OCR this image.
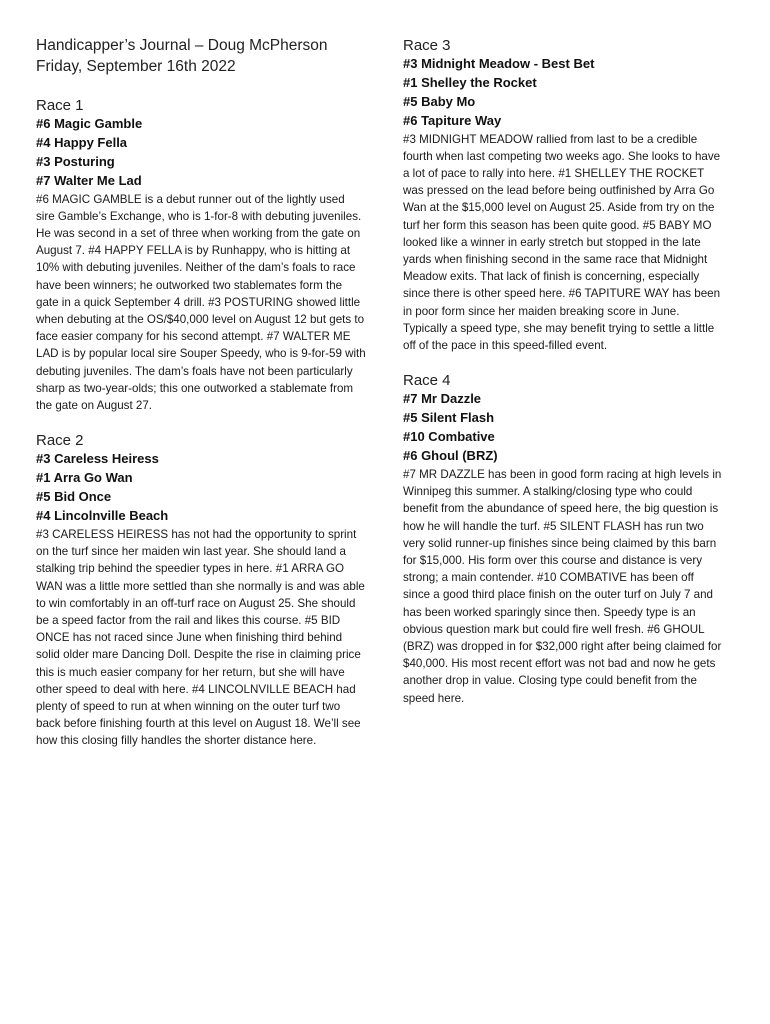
Handicapper’s Journal – Doug McPherson
Friday, September 16th 2022
Race 1
#6 Magic Gamble
#4 Happy Fella
#3 Posturing
#7 Walter Me Lad
#6 MAGIC GAMBLE is a debut runner out of the lightly used sire Gamble’s Exchange, who is 1-for-8 with debuting juveniles. He was second in a set of three when working from the gate on August 7. #4 HAPPY FELLA is by Runhappy, who is hitting at 10% with debuting juveniles. Neither of the dam’s foals to race have been winners; he outworked two stablemates form the gate in a quick September 4 drill. #3 POSTURING showed little when debuting at the OS/$40,000 level on August 12 but gets to face easier company for his second attempt. #7 WALTER ME LAD is by popular local sire Souper Speedy, who is 9-for-59 with debuting juveniles. The dam’s foals have not been particularly sharp as two-year-olds; this one outworked a stablemate from the gate on August 27.
Race 2
#3 Careless Heiress
#1 Arra Go Wan
#5 Bid Once
#4 Lincolnville Beach
#3 CARELESS HEIRESS has not had the opportunity to sprint on the turf since her maiden win last year. She should land a stalking trip behind the speedier types in here. #1 ARRA GO WAN was a little more settled than she normally is and was able to win comfortably in an off-turf race on August 25. She should be a speed factor from the rail and likes this course. #5 BID ONCE has not raced since June when finishing third behind solid older mare Dancing Doll. Despite the rise in claiming price this is much easier company for her return, but she will have other speed to deal with here. #4 LINCOLNVILLE BEACH had plenty of speed to run at when winning on the outer turf two back before finishing fourth at this level on August 18. We’ll see how this closing filly handles the shorter distance here.
Race 3
#3 Midnight Meadow - Best Bet
#1 Shelley the Rocket
#5 Baby Mo
#6 Tapiture Way
#3 MIDNIGHT MEADOW rallied from last to be a credible fourth when last competing two weeks ago. She looks to have a lot of pace to rally into here. #1 SHELLEY THE ROCKET was pressed on the lead before being outfinished by Arra Go Wan at the $15,000 level on August 25. Aside from try on the turf her form this season has been quite good. #5 BABY MO looked like a winner in early stretch but stopped in the late yards when finishing second in the same race that Midnight Meadow exits. That lack of finish is concerning, especially since there is other speed here. #6 TAPITURE WAY has been in poor form since her maiden breaking score in June. Typically a speed type, she may benefit trying to settle a little off of the pace in this speed-filled event.
Race 4
#7 Mr Dazzle
#5 Silent Flash
#10 Combative
#6 Ghoul (BRZ)
#7 MR DAZZLE has been in good form racing at high levels in Winnipeg this summer. A stalking/closing type who could benefit from the abundance of speed here, the big question is how he will handle the turf. #5 SILENT FLASH has run two very solid runner-up finishes since being claimed by this barn for $15,000. His form over this course and distance is very strong; a main contender. #10 COMBATIVE has been off since a good third place finish on the outer turf on July 7 and has been worked sparingly since then. Speedy type is an obvious question mark but could fire well fresh. #6 GHOUL (BRZ) was dropped in for $32,000 right after being claimed for $40,000. His most recent effort was not bad and now he gets another drop in value. Closing type could benefit from the speed here.
